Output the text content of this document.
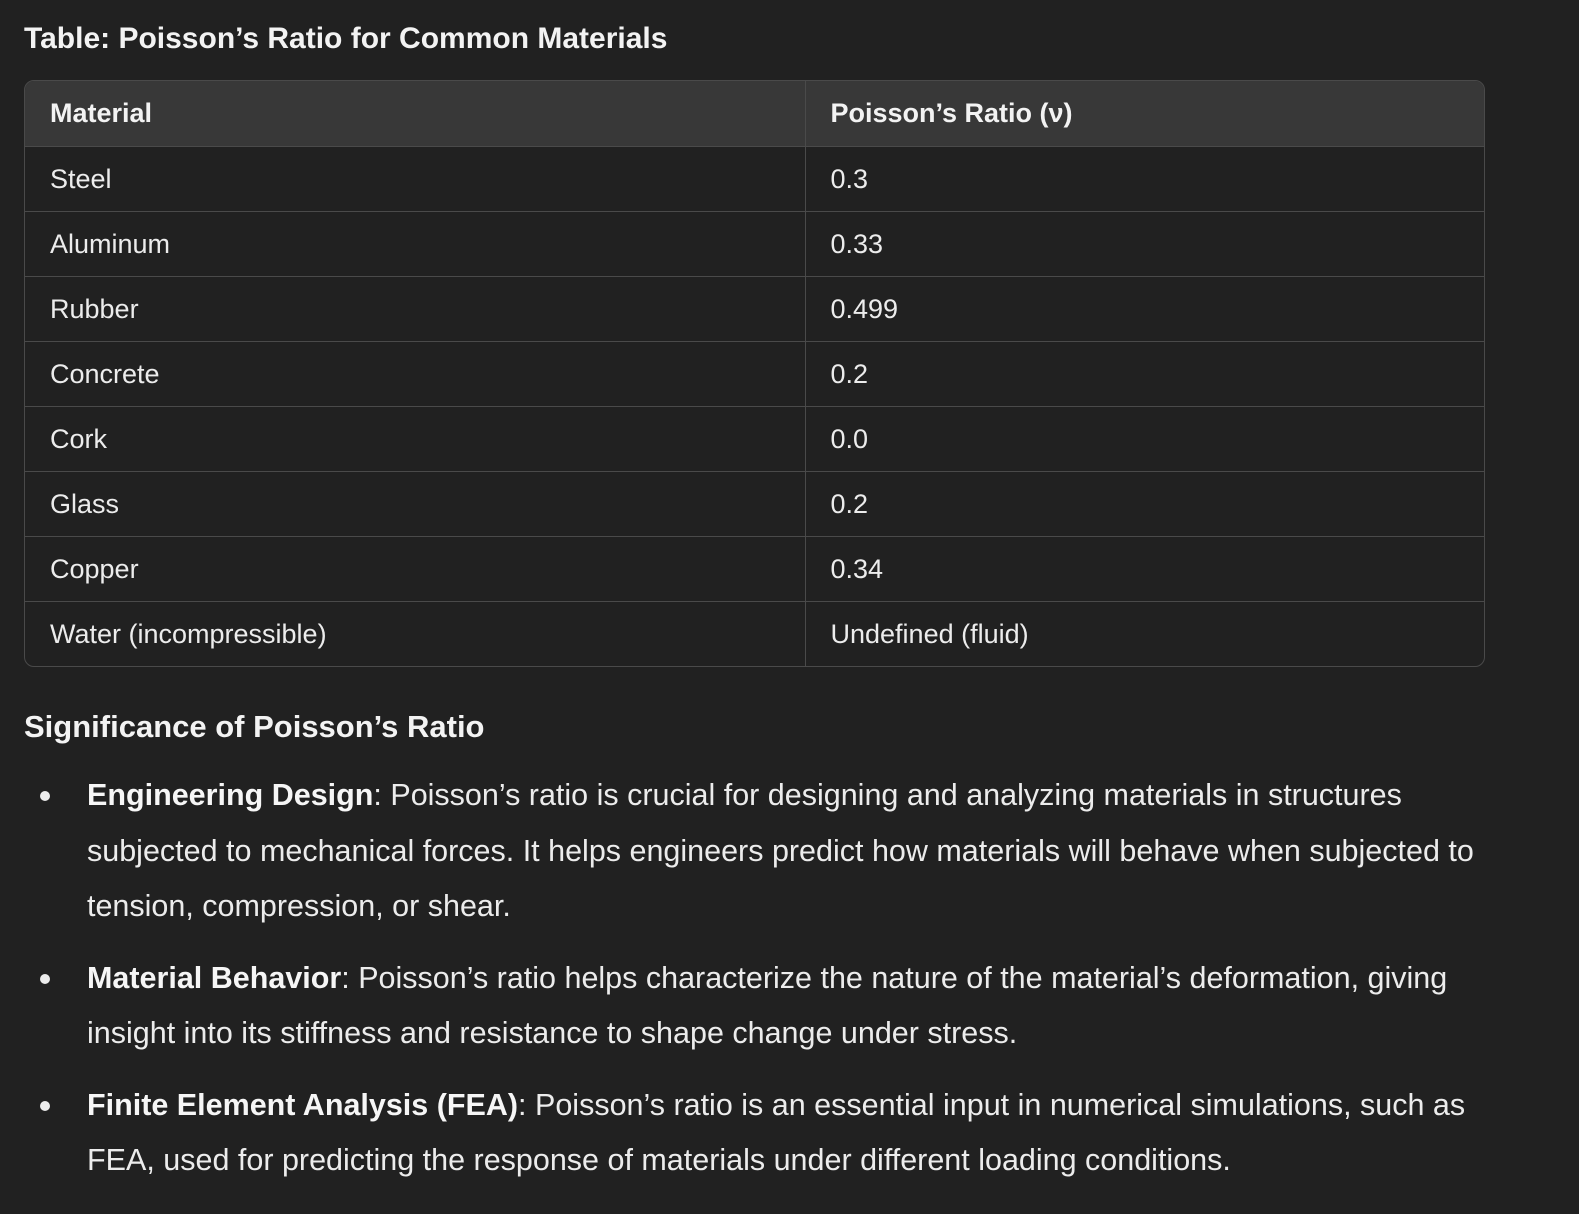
Table: Poisson’s Ratio for Common Materials
Material	Poisson’s Ratio (ν)
Steel	0.3
Aluminum	0.33
Rubber	0.499
Concrete	0.2
Cork	0.0
Glass	0.2
Copper	0.34
Water (incompressible)	Undefined (fluid)
Significance of Poisson’s Ratio
Engineering Design: Poisson’s ratio is crucial for designing and analyzing materials in structures subjected to mechanical forces. It helps engineers predict how materials will behave when subjected to tension, compression, or shear.
Material Behavior: Poisson’s ratio helps characterize the nature of the material’s deformation, giving insight into its stiffness and resistance to shape change under stress.
Finite Element Analysis (FEA): Poisson’s ratio is an essential input in numerical simulations, such as FEA, used for predicting the response of materials under different loading conditions.
